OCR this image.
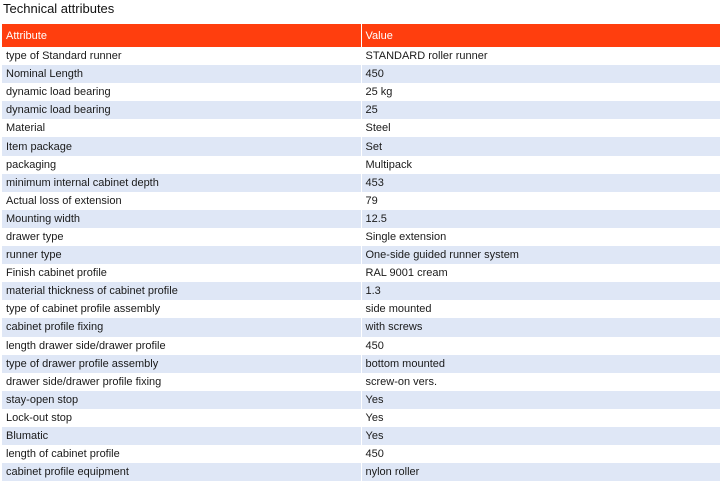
Technical attributes
Attribute	Value
type of Standard runner	STANDARD roller runner
Nominal Length	450
dynamic load bearing	25 kg
dynamic load bearing	25
Material	Steel
Item package	Set
packaging	Multipack
minimum internal cabinet depth	453
Actual loss of extension	79
Mounting width	12.5
drawer type	Single extension
runner type	One-side guided runner system
Finish cabinet profile	RAL 9001 cream
material thickness of cabinet profile	1.3
type of cabinet profile assembly	side mounted
cabinet profile fixing	with screws
length drawer side/drawer profile	450
type of drawer profile assembly	bottom mounted
drawer side/drawer profile fixing	screw-on vers.
stay-open stop	Yes
Lock-out stop	Yes
Blumatic	Yes
length of cabinet profile	450
cabinet profile equipment	nylon roller
